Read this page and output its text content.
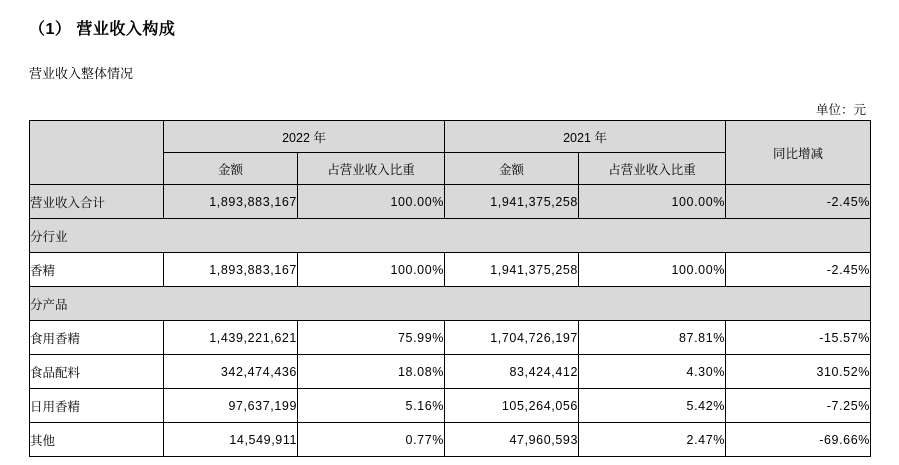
（1） 营业收入构成
营业收入整体情况
单位：元
	2022 年		2021 年		同比增减
	金额	占营业收入比重	金额	占营业收入比重	
营业收入合计	1,893,883,167	100.00%	1,941,375,258	100.00%	-2.45%
分行业					
香精	1,893,883,167	100.00%	1,941,375,258	100.00%	-2.45%
分产品					
食用香精	1,439,221,621	75.99%	1,704,726,197	87.81%	-15.57%
食品配料	342,474,436	18.08%	83,424,412	4.30%	310.52%
日用香精	97,637,199	5.16%	105,264,056	5.42%	-7.25%
其他	14,549,911	0.77%	47,960,593	2.47%	-69.66%
